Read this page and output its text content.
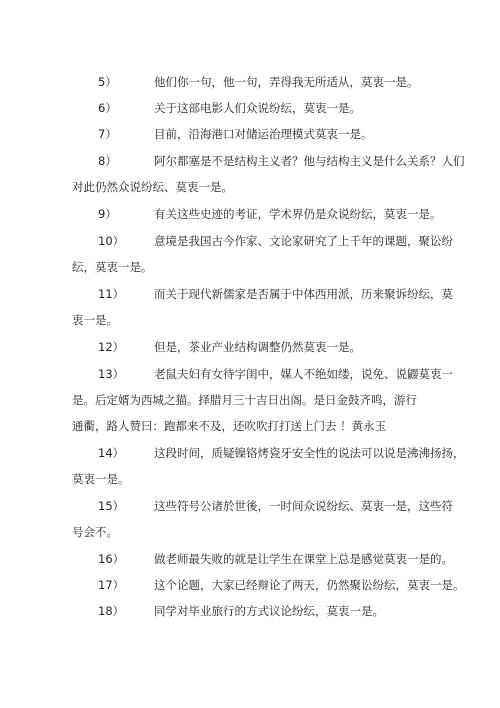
5）	他们你一句，他一句，弄得我无所适从，莫衷一是。
6）	关于这部电影人们众说纷纭，莫衷一是。
7）	目前，沿海港口对储运治理模式莫衷一是。
8）	阿尔都塞是不是结构主义者？他与结构主义是什么关系？人们
对此仍然众说纷纭、莫衷一是。
9）	有关这些史迹的考证，学术界仍是众说纷纭，莫衷一是。
10）	意境是我国古今作家、文论家研究了上千年的课题，聚讼纷
纭，莫衷一是。
11）	而关于现代新儒家是否属于中体西用派，历来聚诉纷纭，莫
衷一是。
12）	但是，茶业产业结构调整仍然莫衷一是。
13）	老鼠夫妇有女待字闺中，媒人不绝如缕，说免、说鼹莫衷一
是。后定婿为西城之猫。择腊月三十吉日出阁。是日金鼓齐鸣，游行
通衢，路人赞曰：跑都来不及，还吹吹打打送上门去 ！黄永玉
14）	这段时间，质疑镍铬烤瓷牙安全性的说法可以说是沸沸扬扬，
莫衷一是。
15）	这些符号公诸於世後，一时间众说纷纭、莫衷一是，这些符
号会不。
16）	做老师最失败的就是让学生在课堂上总是感觉莫衷一是的。
17）	这个论题，大家已经辩论了两天，仍然聚讼纷纭，莫衷一是。
18）	同学对毕业旅行的方式议论纷纭，莫衷一是。
